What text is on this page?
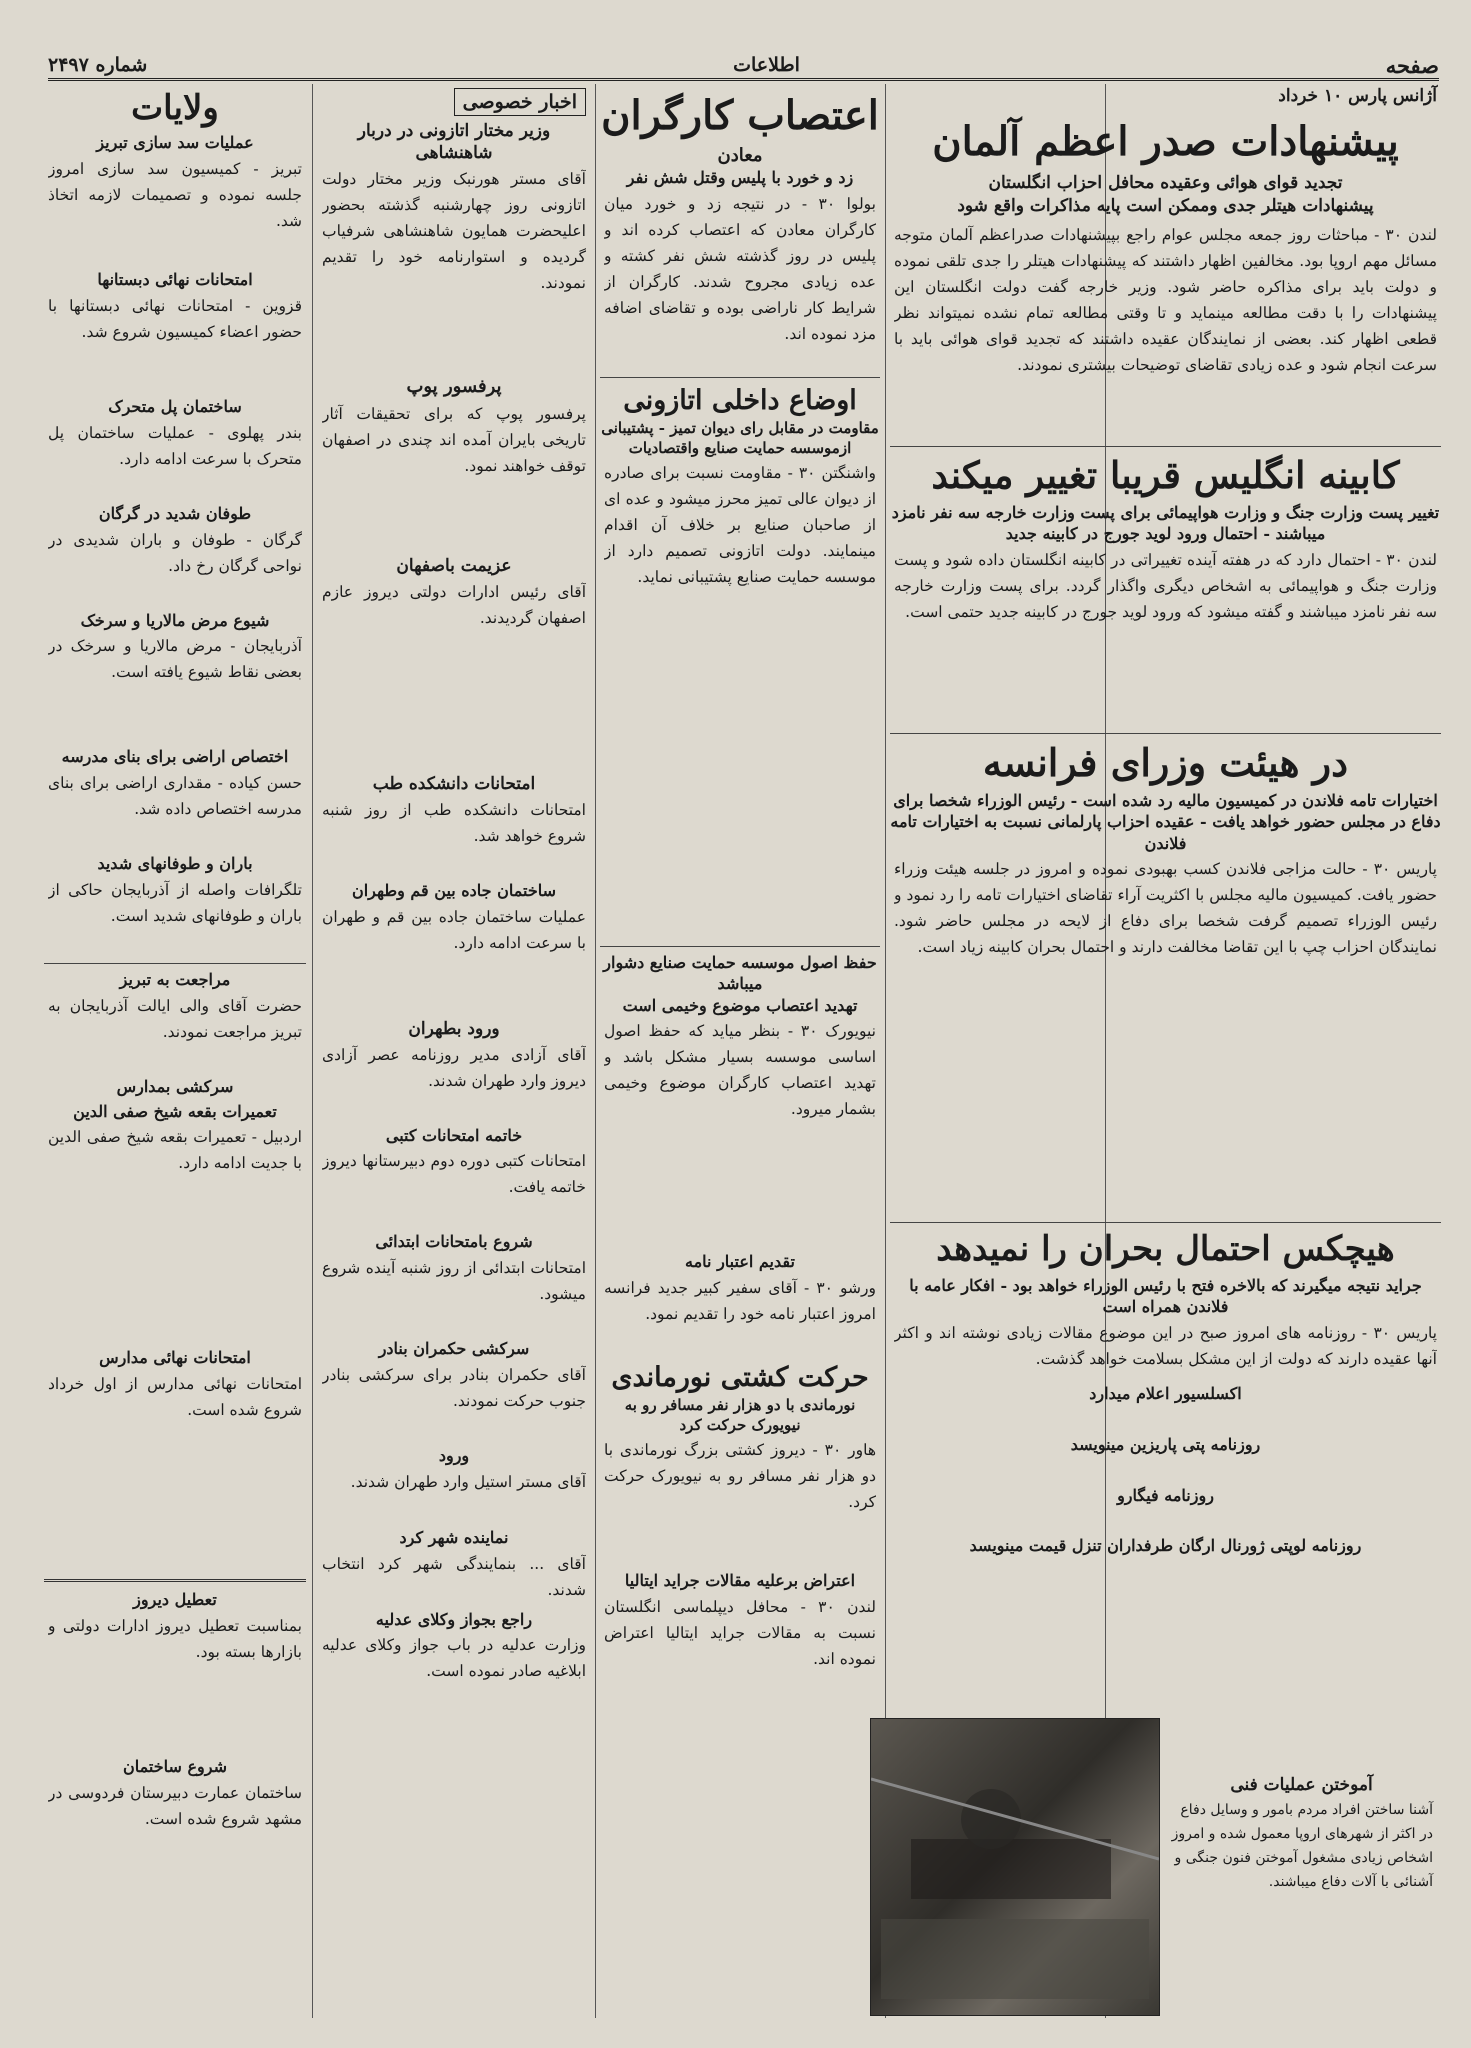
صفحه
اطلاعات
شماره ۲۴۹۷
آژانس پارس ۱۰ خرداد
پیشنهادات صدر اعظم آلمان
تجدید قوای هوائی وعقیده محافل احزاب انگلستان
پیشنهادات هیتلر جدی وممکن است پایه مذاکرات واقع شود
لندن ۳۰ - مباحثات روز جمعه مجلس عوام راجع بپیشنهادات صدراعظم آلمان متوجه مسائل مهم اروپا بود. مخالفین اظهار داشتند که پیشنهادات هیتلر را جدی تلقی نموده و دولت باید برای مذاکره حاضر شود. وزیر خارجه گفت دولت انگلستان این پیشنهادات را با دقت مطالعه مینماید و تا وقتی مطالعه تمام نشده نمیتواند نظر قطعی اظهار کند. بعضی از نمایندگان عقیده داشتند که تجدید قوای هوائی باید با سرعت انجام شود و عده زیادی تقاضای توضیحات بیشتری نمودند.
کابینه انگلیس قریبا تغییر میکند
تغییر پست وزارت جنگ و وزارت هواپیمائی برای پست وزارت خارجه سه نفر نامزد میباشند - احتمال ورود لوید جورج در کابینه جدید
لندن ۳۰ - احتمال دارد که در هفته آینده تغییراتی در کابینه انگلستان داده شود و پست وزارت جنگ و هواپیمائی به اشخاص دیگری واگذار گردد. برای پست وزارت خارجه سه نفر نامزد میباشند و گفته میشود که ورود لوید جورج در کابینه جدید حتمی است.
در هیئت وزرای فرانسه
اختیارات تامه فلاندن در کمیسیون مالیه رد شده است - رئیس الوزراء شخصا برای دفاع در مجلس حضور خواهد یافت - عقیده احزاب پارلمانی نسبت به اختیارات تامه فلاندن
پاریس ۳۰ - حالت مزاجی فلاندن کسب بهبودی نموده و امروز در جلسه هیئت وزراء حضور یافت. کمیسیون مالیه مجلس با اکثریت آراء تقاضای اختیارات تامه را رد نمود و رئیس الوزراء تصمیم گرفت شخصا برای دفاع از لایحه در مجلس حاضر شود. نمایندگان احزاب چپ با این تقاضا مخالفت دارند و احتمال بحران کابینه زیاد است.
هیچکس احتمال بحران را نمیدهد
جراید نتیجه میگیرند که بالاخره فتح با رئیس الوزراء خواهد بود - افکار عامه با فلاندن همراه است
پاریس ۳۰ - روزنامه های امروز صبح در این موضوع مقالات زیادی نوشته اند و اکثر آنها عقیده دارند که دولت از این مشکل بسلامت خواهد گذشت.
اکسلسیور اعلام میدارد
روزنامه پتی پاریزین مینویسد
روزنامه فیگارو
روزنامه لوپتی ژورنال ارگان طرفداران تنزل قیمت مینویسد
آموختن عملیات فنی
آشنا ساختن افراد مردم بامور و وسایل دفاع در اکثر از شهرهای اروپا معمول شده و امروز اشخاص زیادی مشغول آموختن فنون جنگی و آشنائی با آلات دفاع میباشند.
اعتصاب کارگران
معادن
زد و خورد با پلیس وقتل شش نفر
بولوا ۳۰ - در نتیجه زد و خورد میان کارگران معادن که اعتصاب کرده اند و پلیس در روز گذشته شش نفر کشته و عده زیادی مجروح شدند. کارگران از شرایط کار ناراضی بوده و تقاضای اضافه مزد نموده اند.
اوضاع داخلی اتازونی
مقاومت در مقابل رای دیوان تمیز - پشتیبانی ازموسسه حمایت صنایع واقتصادیات
واشنگتن ۳۰ - مقاومت نسبت برای صادره از دیوان عالی تمیز محرز میشود و عده ای از صاحبان صنایع بر خلاف آن اقدام مینمایند. دولت اتازونی تصمیم دارد از موسسه حمایت صنایع پشتیبانی نماید.
حفظ اصول موسسه حمایت صنایع دشوار میباشد
تهدید اعتصاب موضوع وخیمی است
نیویورک ۳۰ - بنظر میاید که حفظ اصول اساسی موسسه بسیار مشکل باشد و تهدید اعتصاب کارگران موضوع وخیمی بشمار میرود.
تقدیم اعتبار نامه
ورشو ۳۰ - آقای سفیر کبیر جدید فرانسه امروز اعتبار نامه خود را تقدیم نمود.
حرکت کشتی نورماندی
نورماندی با دو هزار نفر مسافر رو به نیویورک حرکت کرد
هاور ۳۰ - دیروز کشتی بزرگ نورماندی با دو هزار نفر مسافر رو به نیویورک حرکت کرد.
اعتراض برعلیه مقالات جراید ایتالیا
لندن ۳۰ - محافل دیپلماسی انگلستان نسبت به مقالات جراید ایتالیا اعتراض نموده اند.
اخبار خصوصی
وزیر مختار اتازونی در دربار شاهنشاهی
آقای مستر هورنبک وزیر مختار دولت اتازونی روز چهارشنبه گذشته بحضور اعلیحضرت همایون شاهنشاهی شرفیاب گردیده و استوارنامه خود را تقدیم نمودند.
پرفسور پوپ
پرفسور پوپ که برای تحقیقات آثار تاریخی بایران آمده اند چندی در اصفهان توقف خواهند نمود.
عزیمت باصفهان
آقای رئیس ادارات دولتی دیروز عازم اصفهان گردیدند.
امتحانات دانشکده طب
امتحانات دانشکده طب از روز شنبه شروع خواهد شد.
ساختمان جاده بین قم وطهران
عملیات ساختمان جاده بین قم و طهران با سرعت ادامه دارد.
ورود بطهران
آقای آزادی مدیر روزنامه عصر آزادی دیروز وارد طهران شدند.
خاتمه امتحانات کتبی
امتحانات کتبی دوره دوم دبیرستانها دیروز خاتمه یافت.
شروع بامتحانات ابتدائی
امتحانات ابتدائی از روز شنبه آینده شروع میشود.
سرکشی حکمران بنادر
آقای حکمران بنادر برای سرکشی بنادر جنوب حرکت نمودند.
ورود
آقای مستر استیل وارد طهران شدند.
نماینده شهر کرد
آقای ... بنمایندگی شهر کرد انتخاب شدند.
راجع بجواز وکلای عدلیه
وزارت عدلیه در باب جواز وکلای عدلیه ابلاغیه صادر نموده است.
ولایات
عملیات سد سازی تبریز
تبریز - کمیسیون سد سازی امروز جلسه نموده و تصمیمات لازمه اتخاذ شد.
امتحانات نهائی دبستانها
قزوین - امتحانات نهائی دبستانها با حضور اعضاء کمیسیون شروع شد.
ساختمان پل متحرک
بندر پهلوی - عملیات ساختمان پل متحرک با سرعت ادامه دارد.
طوفان شدید در گرگان
گرگان - طوفان و باران شدیدی در نواحی گرگان رخ داد.
شیوع مرض مالاریا و سرخک
آذربایجان - مرض مالاریا و سرخک در بعضی نقاط شیوع یافته است.
اختصاص اراضی برای بنای مدرسه
حسن کیاده - مقداری اراضی برای بنای مدرسه اختصاص داده شد.
باران و طوفانهای شدید
تلگرافات واصله از آذربایجان حاکی از باران و طوفانهای شدید است.
مراجعت به تبریز
حضرت آقای والی ایالت آذربایجان به تبریز مراجعت نمودند.
سرکشی بمدارس
تعمیرات بقعه شیخ صفی الدین
اردبیل - تعمیرات بقعه شیخ صفی الدین با جدیت ادامه دارد.
امتحانات نهائی مدارس
امتحانات نهائی مدارس از اول خرداد شروع شده است.
تعطیل دیروز
بمناسبت تعطیل دیروز ادارات دولتی و بازارها بسته بود.
شروع ساختمان
ساختمان عمارت دبیرستان فردوسی در مشهد شروع شده است.
